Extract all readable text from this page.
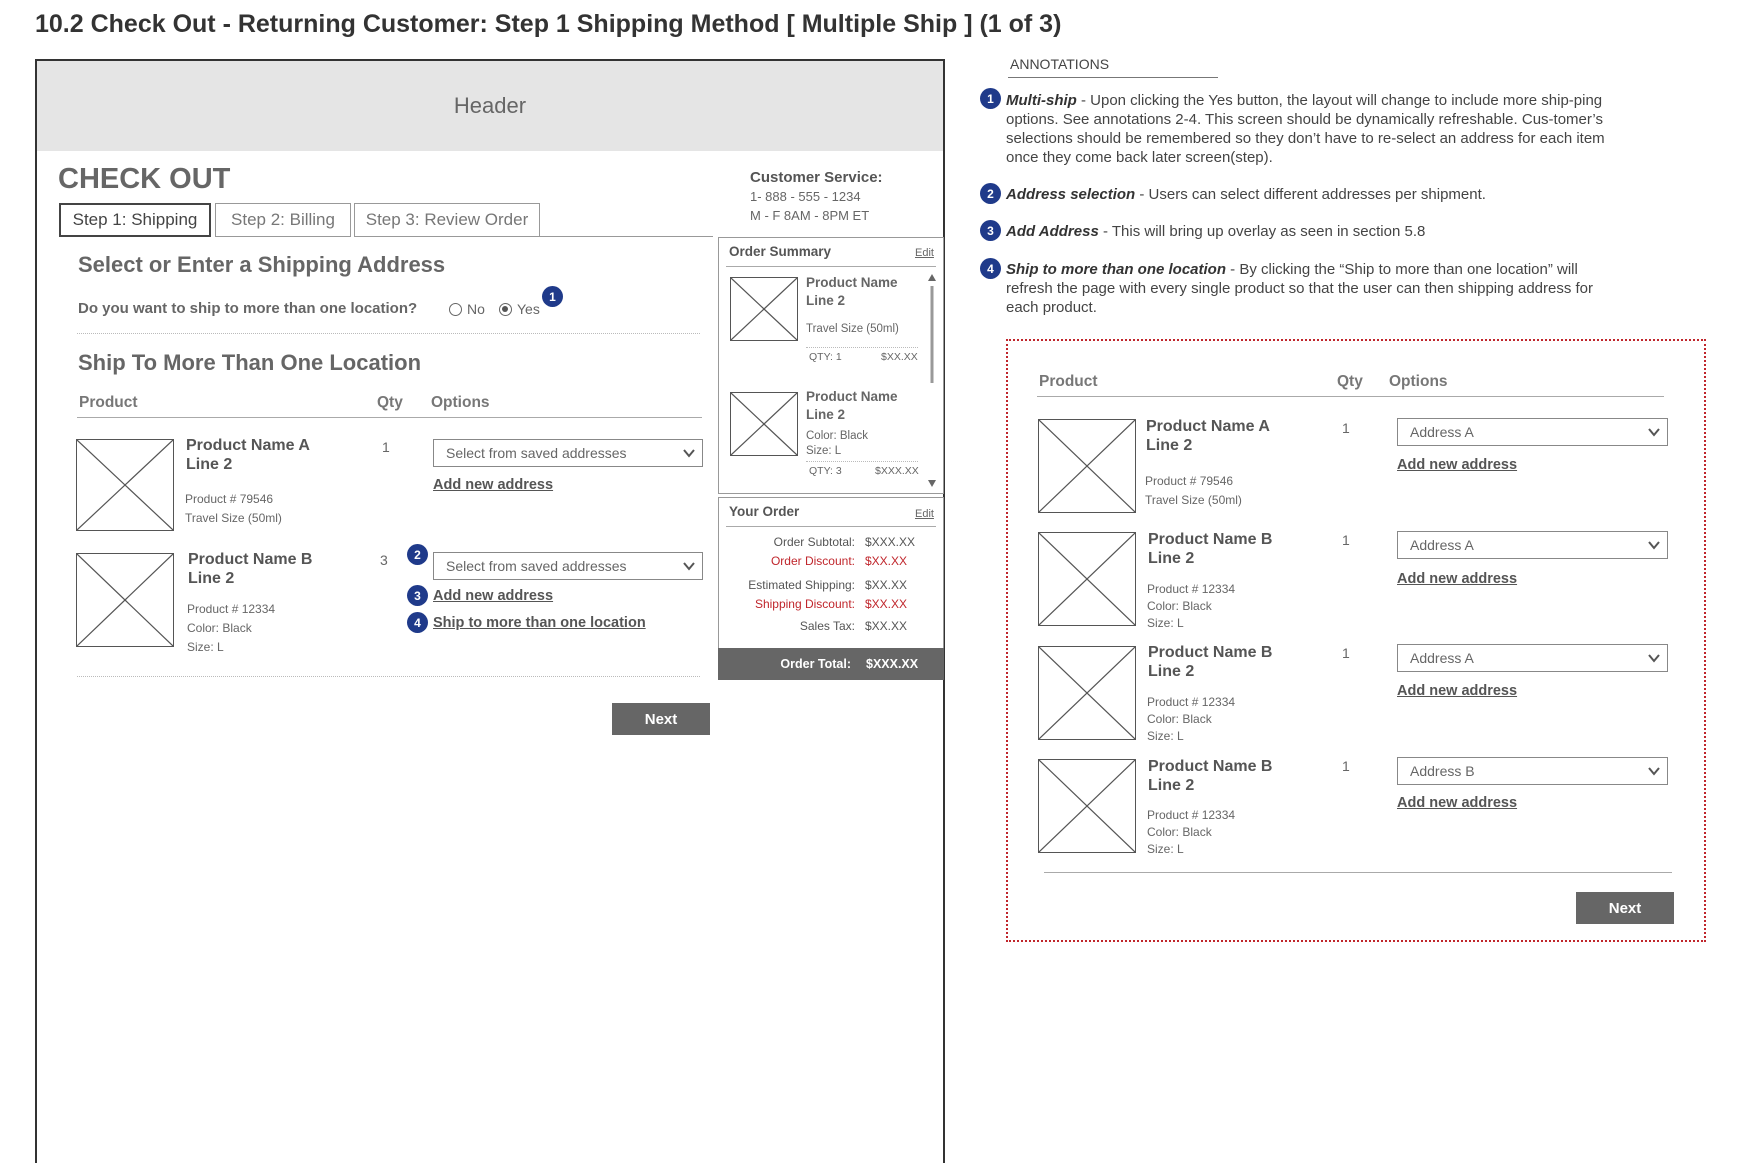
10.2 Check Out - Returning Customer: Step 1 Shipping Method [ Multiple Ship ] (1 of 3)
Header
CHECK OUT
Step 1: Shipping	Step 2: Billing	Step 3: Review Order
Customer Service:
1- 888 - 555 - 1234
M - F 8AM - 8PM ET
Select or Enter a Shipping Address
Do you want to ship to more than one location?	No	Yes
1
Ship To More Than One Location
Product	Qty Options
Product Name A
Line 2
Product # 79546
Travel Size (50ml)
1	Select from saved addresses
Add new address
Product Name B
Line 2
Product # 12334
Color: Black
Size: L
3	2
Select from saved addresses
3 Add new address
4 Ship to more than one location
Next
Order Summary	Edit
Product Name
Line 2
Travel Size (50ml)
QTY: 1	$XX.XX
Product Name
Line 2
Color: Black
Size: L
QTY: 3	$XXX.XX
Your Order	Edit
Order Subtotal: $XXX.XX
Order Discount: $XX.XX
Estimated Shipping: $XX.XX
Shipping Discount: $XX.XX
Sales Tax: $XX.XX
Order Total: $XXX.XX
ANNOTATIONS
1 Multi-ship - Upon clicking the Yes button, the layout will change to include more ship-ping options. See annotations 2-4. This screen should be dynamically refreshable. Cus-tomer’s selections should be remembered so they don’t have to re-select an address for each item once they come back later screen(step).
2 Address selection - Users can select different addresses per shipment.
3 Add Address - This will bring up overlay as seen in section 5.8
4 Ship to more than one location - By clicking the “Ship to more than one location” will refresh the page with every single product so that the user can then shipping address for each product.
Product	Qty Options
Product Name A
Line 2
Product # 79546
Travel Size (50ml)
1	Address A
Add new address
Product Name B
Line 2
Product # 12334
Color: Black
Size: L
1	Address A
Add new address
Product Name B
Line 2
Product # 12334
Color: Black
Size: L
1	Address A
Add new address
Product Name B
Line 2
Product # 12334
Color: Black
Size: L
1	Address B
Add new address
Next
